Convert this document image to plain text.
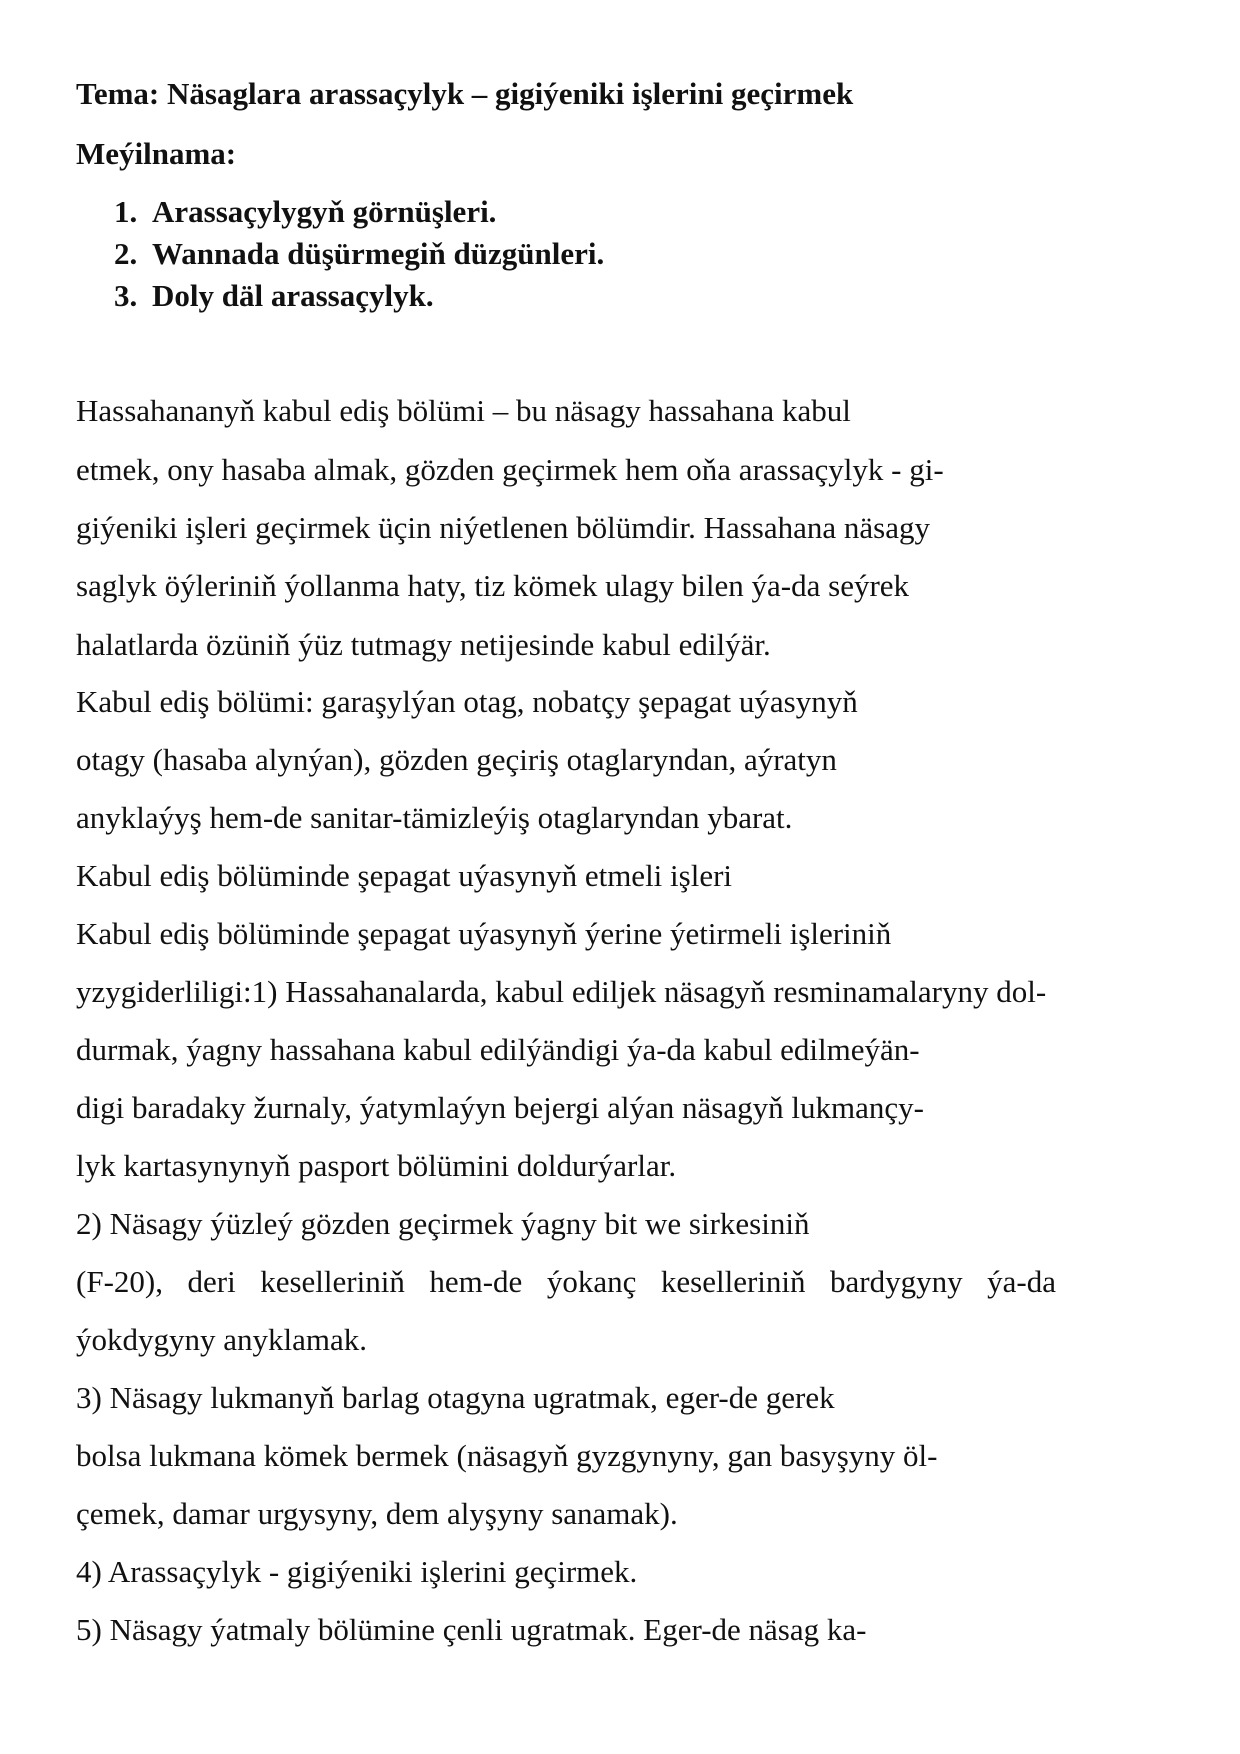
Tema: Näsaglara arassaçylyk – gigiýeniki işlerini geçirmek
Meýilnama:
1. Arassaçylygyň görnüşleri.
2. Wannada düşürmegiň düzgünleri.
3. Doly däl arassaçylyk.
Hassahananyň kabul ediş bölümi – bu näsagy hassahana kabul
etmek, ony hasaba almak, gözden geçirmek hem oňa arassaçylyk - gi-
giýeniki işleri geçirmek üçin niýetlenen bölümdir. Hassahana näsagy
saglyk öýleriniň ýollanma haty, tiz kömek ulagy bilen ýa-da seýrek
halatlarda özüniň ýüz tutmagy netijesinde kabul edilýär.
Kabul ediş bölümi: garaşylýan otag, nobatçy şepagat uýasynyň
otagy (hasaba alynýan), gözden geçiriş otaglaryndan, aýratyn
anyklaýyş hem-de sanitar-tämizleýiş otaglaryndan ybarat.
Kabul ediş bölüminde şepagat uýasynyň etmeli işleri
Kabul ediş bölüminde şepagat uýasynyň ýerine ýetirmeli işleriniň
yzygiderliligi:1) Hassahanalarda, kabul ediljek näsagyň resminamalaryny dol-
durmak, ýagny hassahana kabul edilýändigi ýa-da kabul edilmeýän-
digi baradaky žurnaly, ýatymlaýyn bejergi alýan näsagyň lukmançy-
lyk kartasynynyň pasport bölümini doldurýarlar.
2) Näsagy ýüzleý gözden geçirmek ýagny bit we sirkesiniň
(F-20), deri keselleriniň hem-de ýokanç keselleriniň bardygyny ýa-da
ýokdygyny anyklamak.
3) Näsagy lukmanyň barlag otagyna ugratmak, eger-de gerek
bolsa lukmana kömek bermek (näsagyň gyzgynyny, gan basyşyny öl-
çemek, damar urgysyny, dem alyşyny sanamak).
4) Arassaçylyk - gigiýeniki işlerini geçirmek.
5) Näsagy ýatmaly bölümine çenli ugratmak. Eger-de näsag ka-
